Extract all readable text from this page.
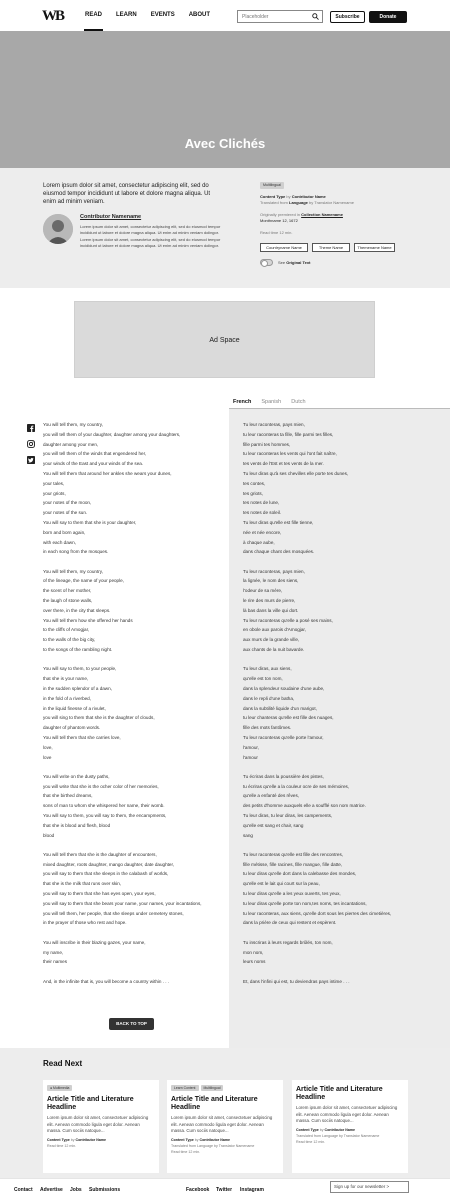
WB	READ LEARN EVENTS ABOUT
Placeholder	Subscribe	Donate
Avec Clichés
Lorem ipsum dolor sit amet, consectetur adipiscing elit, sed do eiusmod tempor incididunt ut labore et dolore magna aliqua. Ut enim ad minim veniam.
Contributor Namename
Lorem ipsum dolor sit amet, consectetur adipiscing elit, sed do eiusmod tempor incididunt ut labore et dolore magna aliqua. Ut enim ad minim veniam dolingor. Lorem ipsum dolor sit amet, consectetur adipiscing elit, sed do eiusmod tempor incididunt ut labore et dolore magna aliqua. Ut enim ad minim veniam dolingor.
Multilingual
Content Type by Contributor Name
Translated from Language by Translator Namename
Originally premiered in Collection Namename
Monthname 12, 1672
Read time 12 min.
Countryname Name	Theme Name	Themename Name
See Original Text
Ad Space
French Spanish Dutch
You will tell them, my country,
you will tell them of your daughter, daughter among your daughters,
daughter among your men,
you will tell them of the winds that engendered her,
your winds of the East and your winds of the sea.
You will tell them that around her ankles she wears your dunes,
your tales,
your griots,
your notes of the moon,
your notes of the sun.
You will say to them that she is your daughter,
born and born again,
with each dawn,
in each song from the mosques.
You will tell them, my country,
of the lineage, the name of your people,
the scent of her mother,
the laugh of stone walls,
over there, in the city that sleeps.
You will tell them how she offered her hands
to the cliffs of Amogjar,
to the walls of the big city,
to the songs of the rambling night.
You will say to them, to your people,
that she is your name,
in the sudden splendor of a dawn,
in the fold of a riverbed,
in the liquid finesse of a rivulet,
you will sing to them that she is the daughter of clouds,
daughter of phantom words.
You will tell them that she carries love,
love,
love
You will write on the dusty paths,
you will write that she is the ocher color of her memories,
that she birthed dreams,
sons of man to whom she whispered her name, their womb.
You will say to them, you will say to them, the encampments,
that she is blood and flesh, blood
blood
You will tell them that she is the daughter of encounters,
mixed daughter, roots daughter, mango daughter, date daughter,
you will say to them that she sleeps in the calabash of worlds,
that she is the milk that runs over skin,
you will say to them that she has eyes open, your eyes,
you will say to them that she bears your name, your names, your incantations,
you will tell them, her people, that she sleeps under cemetery stones,
in the prayer of those who rest and hope.
You will inscribe in their blazing gazes, your name,
my name,
their names
And, in the infinite that is, you will become a country within . . .
Tu leur raconteras, pays mien,
tu leur raconteras ta fille, fille parmi tes filles,
fille parmi tes hommes,
tu leur raconteras les vents qui l'ont fait naître,
tes vents de l'Est et tes vents de la mer.
Tu leur diras qu'à ses chevilles elle porte tes dunes,
tes contes,
tes griots,
tes notes de lune,
tes notes de soleil.
Tu leur diras qu'elle est fille tienne,
née et née encore,
à chaque aube,
dans chaque chant des mosquées.
Tu leur raconteras, pays mien,
la lignée, le nom des siens,
l'odeur de sa mère,
le rire des murs de pierre,
là bas dans la ville qui dort.
Tu leur raconteras qu'elle a posé ses mains,
en obole aux parois d'Amogjar,
aux murs de la grande ville,
aux chants de la nuit bavarde.
Tu leur diras, aux siens,
qu'elle est ton nom,
dans la splendeur soudaine d'une aube,
dans le repli d'une batha,
dans la subtilité liquide d'un marigot,
tu leur chanteras qu'elle est fille des nuages,
fille des mots fantômes.
Tu leur raconteras qu'elle porte l'amour,
l'amour,
l'amour
Tu écriras dans la poussière des pistes,
tu écriras qu'elle a la couleur ocre de ses mémoires,
qu'elle a enfanté des rêves,
des petits d'homme auxquels elle a soufflé son nom matrice.
Tu leur diras, tu leur diras, les campements,
qu'elle est sang et chair, sang
sang
Tu leur raconteras qu'elle est fille des rencontres,
fille métisse, fille racines, fille mangue, fille datte,
tu leur diras qu'elle dort dans la calebasse des mondes,
qu'elle est le lait qui court sur la peau,
tu leur diras qu'elle a les yeux ouverts, tes yeux,
tu leur diras qu'elle porte ton nom,tes noms, tes incantations,
tu leur raconteras, aux siens, qu'elle dort sous les pierres des cimetières,
dans la prière de ceux qui restent et espèrent.
Tu inscriras à leurs regards brûlés, ton nom,
mon nom,
leurs noms
Et, dans l'infini qui est, tu deviendras pays intime . . .
BACK TO TOP
Read Next
● Multimedia
Article Title and Literature Headline
Lorem ipsum dolor sit amet, consectetuer adipiscing elit. Aenean commodo ligula eget dolor. Aenean massa. Cum sociis natoque...
Content Type by Contributor Name
Read time 12 min.
Learn Content	Multilingual
Article Title and Literature Headline
Lorem ipsum dolor sit amet, consectetuer adipiscing elit. Aenean commodo ligula eget dolor. Aenean massa. Cum sociis natoque...
Content Type by Contributor Name
Translated from Language by Translator Namename
Read time 12 min.
Article Title and Literature Headline
Lorem ipsum dolor sit amet, consectetuer adipiscing elit. Aenean commodo ligula eget dolor. Aenean massa. Cum sociis natoque...
Content Type by Contributor Name
Translated from Language by Translator Namename
Read time 12 min.
Contact Advertise Jobs Submissions	Facebook Twitter Instagram
Sign up for our newsletter >
